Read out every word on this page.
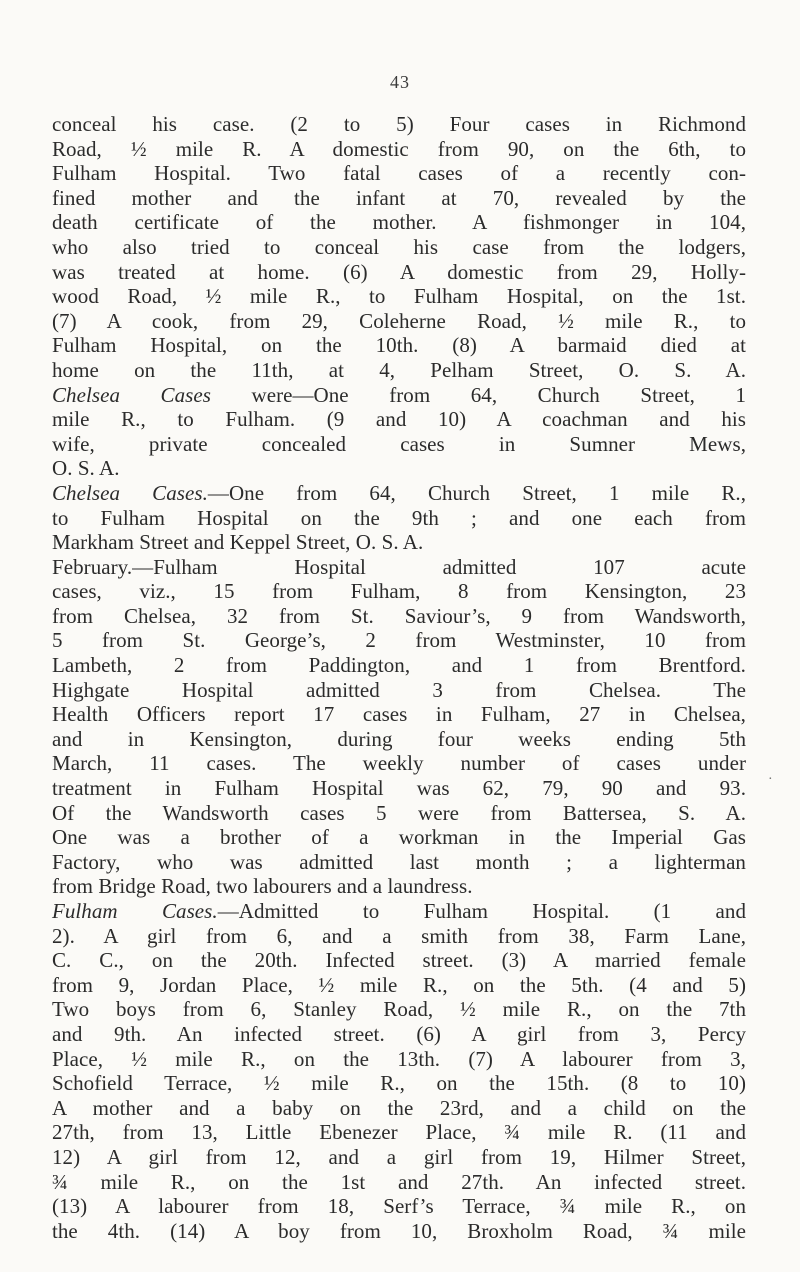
43
conceal his case. (2 to 5) Four cases in Richmond
Road, ½ mile R. A domestic from 90, on the 6th, to
Fulham Hospital. Two fatal cases of a recently con-
fined mother and the infant at 70, revealed by the
death certificate of the mother. A fishmonger in 104,
who also tried to conceal his case from the lodgers,
was treated at home. (6) A domestic from 29, Holly-
wood Road, ½ mile R., to Fulham Hospital, on the 1st.
(7) A cook, from 29, Coleherne Road, ½ mile R., to
Fulham Hospital, on the 10th. (8) A barmaid died at
home on the 11th, at 4, Pelham Street, O. S. A.
Chelsea Cases were—One from 64, Church Street, 1
mile R., to Fulham. (9 and 10) A coachman and his
wife, private concealed cases in Sumner Mews,
O. S. A.
Chelsea Cases.—One from 64, Church Street, 1 mile R.,
to Fulham Hospital on the 9th ; and one each from
Markham Street and Keppel Street, O. S. A.
February.—Fulham Hospital admitted 107 acute
cases, viz., 15 from Fulham, 8 from Kensington, 23
from Chelsea, 32 from St. Saviour’s, 9 from Wandsworth,
5 from St. George’s, 2 from Westminster, 10 from
Lambeth, 2 from Paddington, and 1 from Brentford.
Highgate Hospital admitted 3 from Chelsea. The
Health Officers report 17 cases in Fulham, 27 in Chelsea,
and in Kensington, during four weeks ending 5th
March, 11 cases. The weekly number of cases under
treatment in Fulham Hospital was 62, 79, 90 and 93.
Of the Wandsworth cases 5 were from Battersea, S. A.
One was a brother of a workman in the Imperial Gas
Factory, who was admitted last month ; a lighterman
from Bridge Road, two labourers and a laundress.
Fulham Cases.—Admitted to Fulham Hospital. (1 and
2). A girl from 6, and a smith from 38, Farm Lane,
C. C., on the 20th. Infected street. (3) A married female
from 9, Jordan Place, ½ mile R., on the 5th. (4 and 5)
Two boys from 6, Stanley Road, ½ mile R., on the 7th
and 9th. An infected street. (6) A girl from 3, Percy
Place, ½ mile R., on the 13th. (7) A labourer from 3,
Schofield Terrace, ½ mile R., on the 15th. (8 to 10)
A mother and a baby on the 23rd, and a child on the
27th, from 13, Little Ebenezer Place, ¾ mile R. (11 and
12) A girl from 12, and a girl from 19, Hilmer Street,
¾ mile R., on the 1st and 27th. An infected street.
(13) A labourer from 18, Serf’s Terrace, ¾ mile R., on
the 4th. (14) A boy from 10, Broxholm Road, ¾ mile
·
